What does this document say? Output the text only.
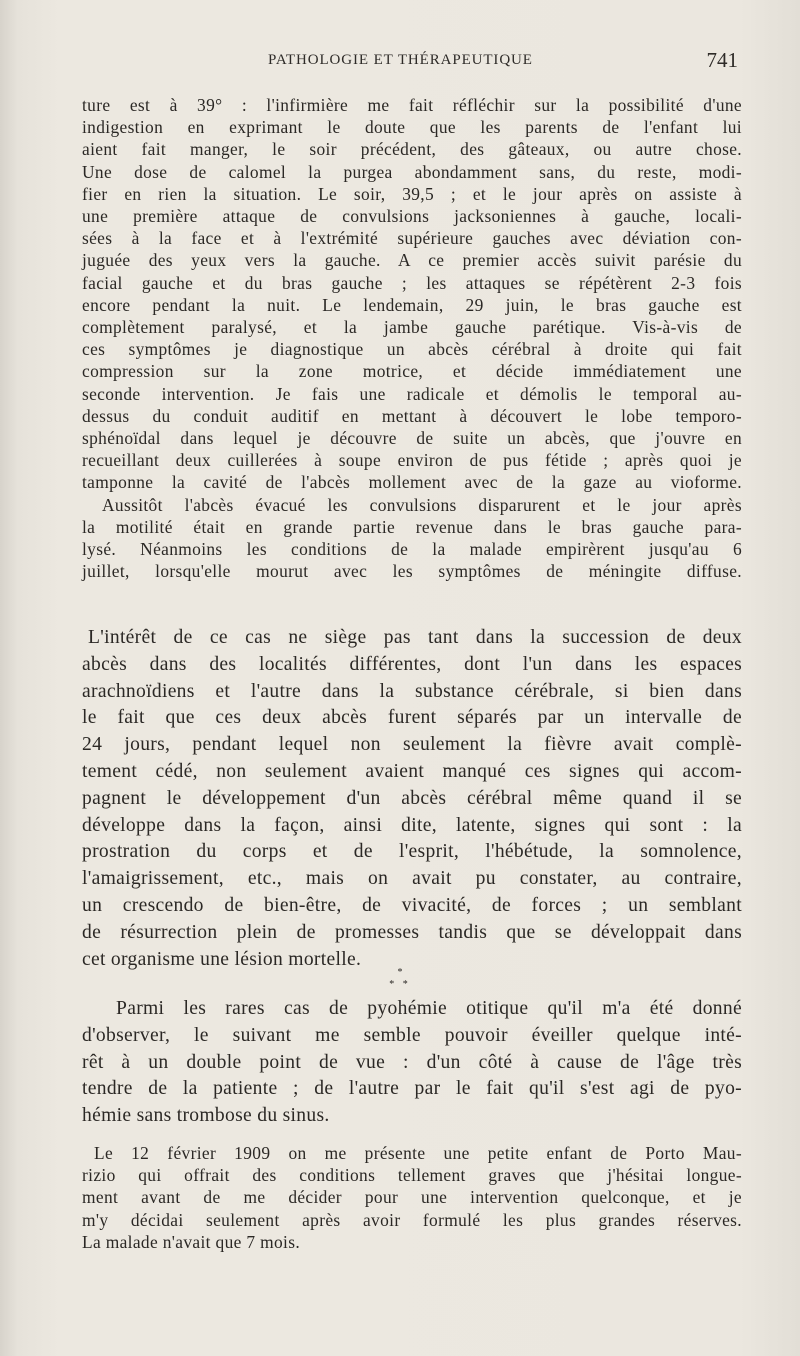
PATHOLOGIE ET THÉRAPEUTIQUE	741

ture est à 39° : l'infirmière me fait réfléchir sur la possibilité d'une
indigestion en exprimant le doute que les parents de l'enfant lui
aient fait manger, le soir précédent, des gâteaux, ou autre chose.
Une dose de calomel la purgea abondamment sans, du reste, modi-
fier en rien la situation. Le soir, 39,5 ; et le jour après on assiste à
une première attaque de convulsions jacksoniennes à gauche, locali-
sées à la face et à l'extrémité supérieure gauches avec déviation con-
juguée des yeux vers la gauche. A ce premier accès suivit parésie du
facial gauche et du bras gauche ; les attaques se répétèrent 2-3 fois
encore pendant la nuit. Le lendemain, 29 juin, le bras gauche est
complètement paralysé, et la jambe gauche parétique. Vis-à-vis de
ces symptômes je diagnostique un abcès cérébral à droite qui fait
compression sur la zone motrice, et décide immédiatement une
seconde intervention. Je fais une radicale et démolis le temporal au-
dessus du conduit auditif en mettant à découvert le lobe temporo-
sphénoïdal dans lequel je découvre de suite un abcès, que j'ouvre en
recueillant deux cuillerées à soupe environ de pus fétide ; après quoi je
tamponne la cavité de l'abcès mollement avec de la gaze au vioforme.
Aussitôt l'abcès évacué les convulsions disparurent et le jour après
la motilité était en grande partie revenue dans le bras gauche para-
lysé. Néanmoins les conditions de la malade empirèrent jusqu'au 6
juillet, lorsqu'elle mourut avec les symptômes de méningite diffuse.

L'intérêt de ce cas ne siège pas tant dans la succession de deux
abcès dans des localités différentes, dont l'un dans les espaces
arachnoïdiens et l'autre dans la substance cérébrale, si bien dans
le fait que ces deux abcès furent séparés par un intervalle de
24 jours, pendant lequel non seulement la fièvre avait complè-
tement cédé, non seulement avaient manqué ces signes qui accom-
pagnent le développement d'un abcès cérébral même quand il se
développe dans la façon, ainsi dite, latente, signes qui sont : la
prostration du corps et de l'esprit, l'hébétude, la somnolence,
l'amaigrissement, etc., mais on avait pu constater, au contraire,
un crescendo de bien-être, de vivacité, de forces ; un semblant
de résurrection plein de promesses tandis que se développait dans
cet organisme une lésion mortelle.

*
* *

Parmi les rares cas de pyohémie otitique qu'il m'a été donné
d'observer, le suivant me semble pouvoir éveiller quelque inté-
rêt à un double point de vue : d'un côté à cause de l'âge très
tendre de la patiente ; de l'autre par le fait qu'il s'est agi de pyo-
hémie sans trombose du sinus.

Le 12 février 1909 on me présente une petite enfant de Porto Mau-
rizio qui offrait des conditions tellement graves que j'hésitai longue-
ment avant de me décider pour une intervention quelconque, et je
m'y décidai seulement après avoir formulé les plus grandes réserves.
La malade n'avait que 7 mois.
